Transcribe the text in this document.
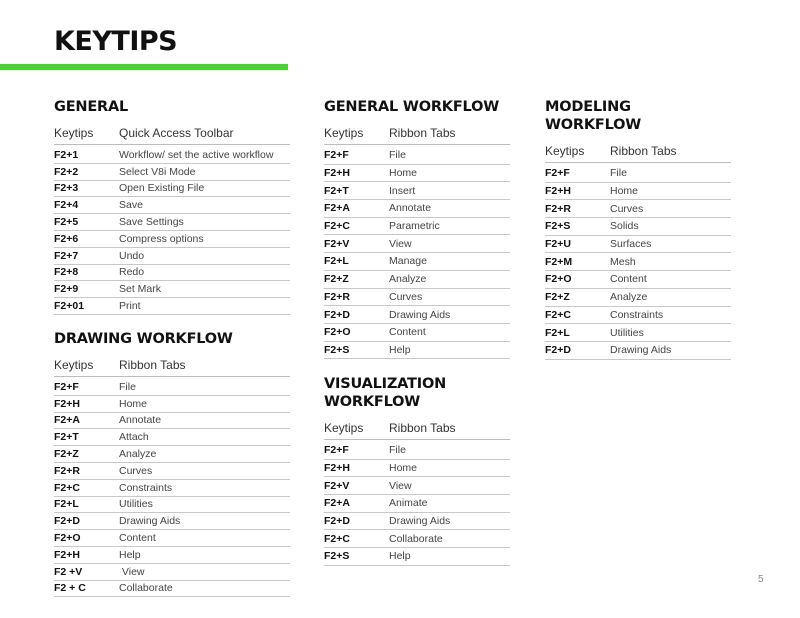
KEYTIPS
GENERAL
Keytips	Quick Access Toolbar
F2+1	Workflow/ set the active workflow
F2+2	Select V8i Mode
F2+3	Open Existing File
F2+4	Save
F2+5	Save Settings
F2+6	Compress options
F2+7	Undo
F2+8	Redo
F2+9	Set Mark
F2+01	Print
DRAWING WORKFLOW
Keytips	Ribbon Tabs
F2+F	File
F2+H	Home
F2+A	Annotate
F2+T	Attach
F2+Z	Analyze
F2+R	Curves
F2+C	Constraints
F2+L	Utilities
F2+D	Drawing Aids
F2+O	Content
F2+H	Help
F2 +V	View
F2 + C	Collaborate
GENERAL WORKFLOW
Keytips	Ribbon Tabs
F2+F	File
F2+H	Home
F2+T	Insert
F2+A	Annotate
F2+C	Parametric
F2+V	View
F2+L	Manage
F2+Z	Analyze
F2+R	Curves
F2+D	Drawing Aids
F2+O	Content
F2+S	Help
VISUALIZATION
WORKFLOW
Keytips	Ribbon Tabs
F2+F	File
F2+H	Home
F2+V	View
F2+A	Animate
F2+D	Drawing Aids
F2+C	Collaborate
F2+S	Help
MODELING WORKFLOW
Keytips	Ribbon Tabs
F2+F	File
F2+H	Home
F2+R	Curves
F2+S	Solids
F2+U	Surfaces
F2+M	Mesh
F2+O	Content
F2+Z	Analyze
F2+C	Constraints
F2+L	Utilities
F2+D	Drawing Aids
5
